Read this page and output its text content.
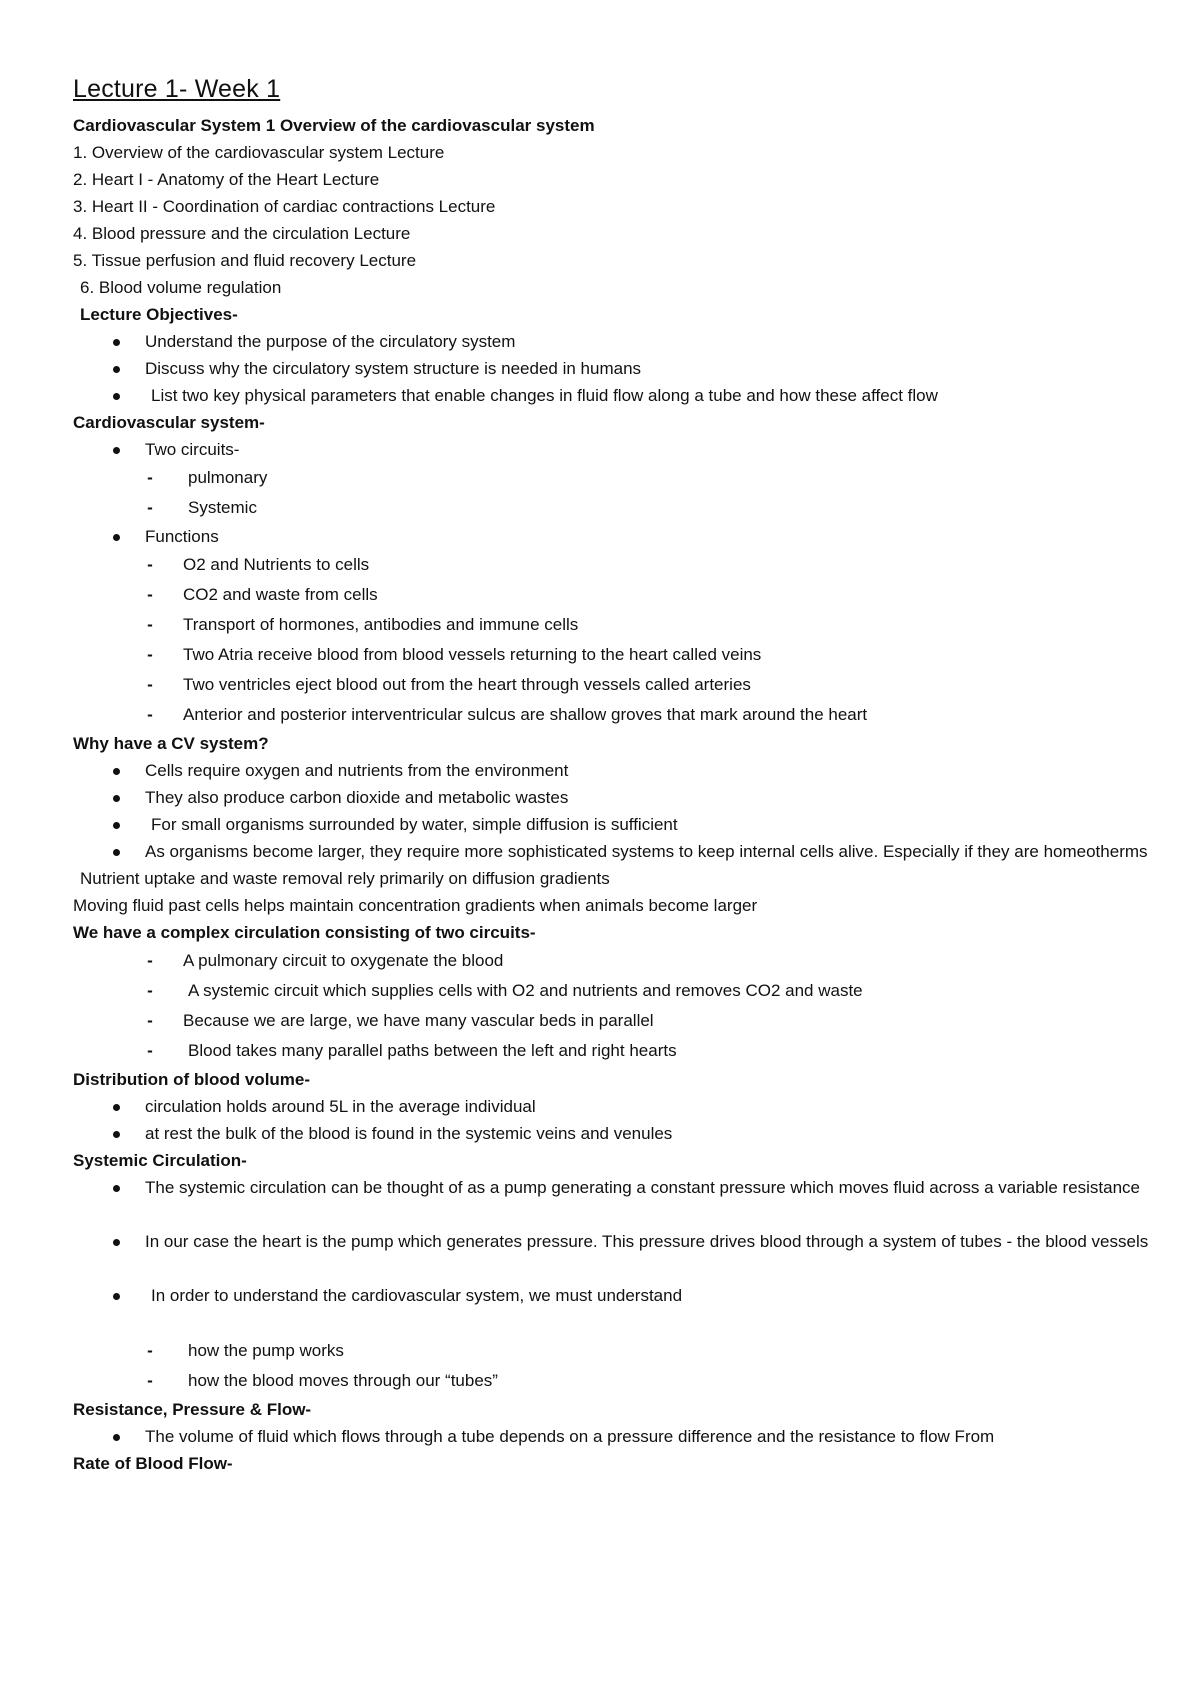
Lecture 1- Week 1
Cardiovascular System 1 Overview of the cardiovascular system
1. Overview of the cardiovascular system Lecture
2. Heart I - Anatomy of the Heart Lecture
3. Heart II - Coordination of cardiac contractions Lecture
4. Blood pressure and the circulation Lecture
5. Tissue perfusion and fluid recovery Lecture
6. Blood volume regulation
Lecture Objectives-
Understand the purpose of the circulatory system
Discuss why the circulatory system structure is needed in humans
List two key physical parameters that enable changes in fluid flow along a tube and how these affect flow
Cardiovascular system-
Two circuits-
- pulmonary
- Systemic
Functions
- O2 and Nutrients to cells
- CO2 and waste from cells
- Transport of hormones, antibodies and immune cells
- Two Atria receive blood from blood vessels returning to the heart called veins
- Two ventricles eject blood out from the heart through vessels called arteries
- Anterior and posterior interventricular sulcus are shallow groves that mark around the heart
Why have a CV system?
Cells require oxygen and nutrients from the environment
They also produce carbon dioxide and metabolic wastes
For small organisms surrounded by water, simple diffusion is sufficient
As organisms become larger, they require more sophisticated systems to keep internal cells alive. Especially if they are homeotherms
Nutrient uptake and waste removal rely primarily on diffusion gradients
Moving fluid past cells helps maintain concentration gradients when animals become larger
We have a complex circulation consisting of two circuits-
- A pulmonary circuit to oxygenate the blood
- A systemic circuit which supplies cells with O2 and nutrients and removes CO2 and waste
- Because we are large, we have many vascular beds in parallel
- Blood takes many parallel paths between the left and right hearts
Distribution of blood volume-
circulation holds around 5L in the average individual
at rest the bulk of the blood is found in the systemic veins and venules
Systemic Circulation-
The systemic circulation can be thought of as a pump generating a constant pressure which moves fluid across a variable resistance
In our case the heart is the pump which generates pressure. This pressure drives blood through a system of tubes - the blood vessels
In order to understand the cardiovascular system, we must understand
- how the pump works
- how the blood moves through our “tubes”
Resistance, Pressure & Flow-
The volume of fluid which flows through a tube depends on a pressure difference and the resistance to flow From
Rate of Blood Flow-
